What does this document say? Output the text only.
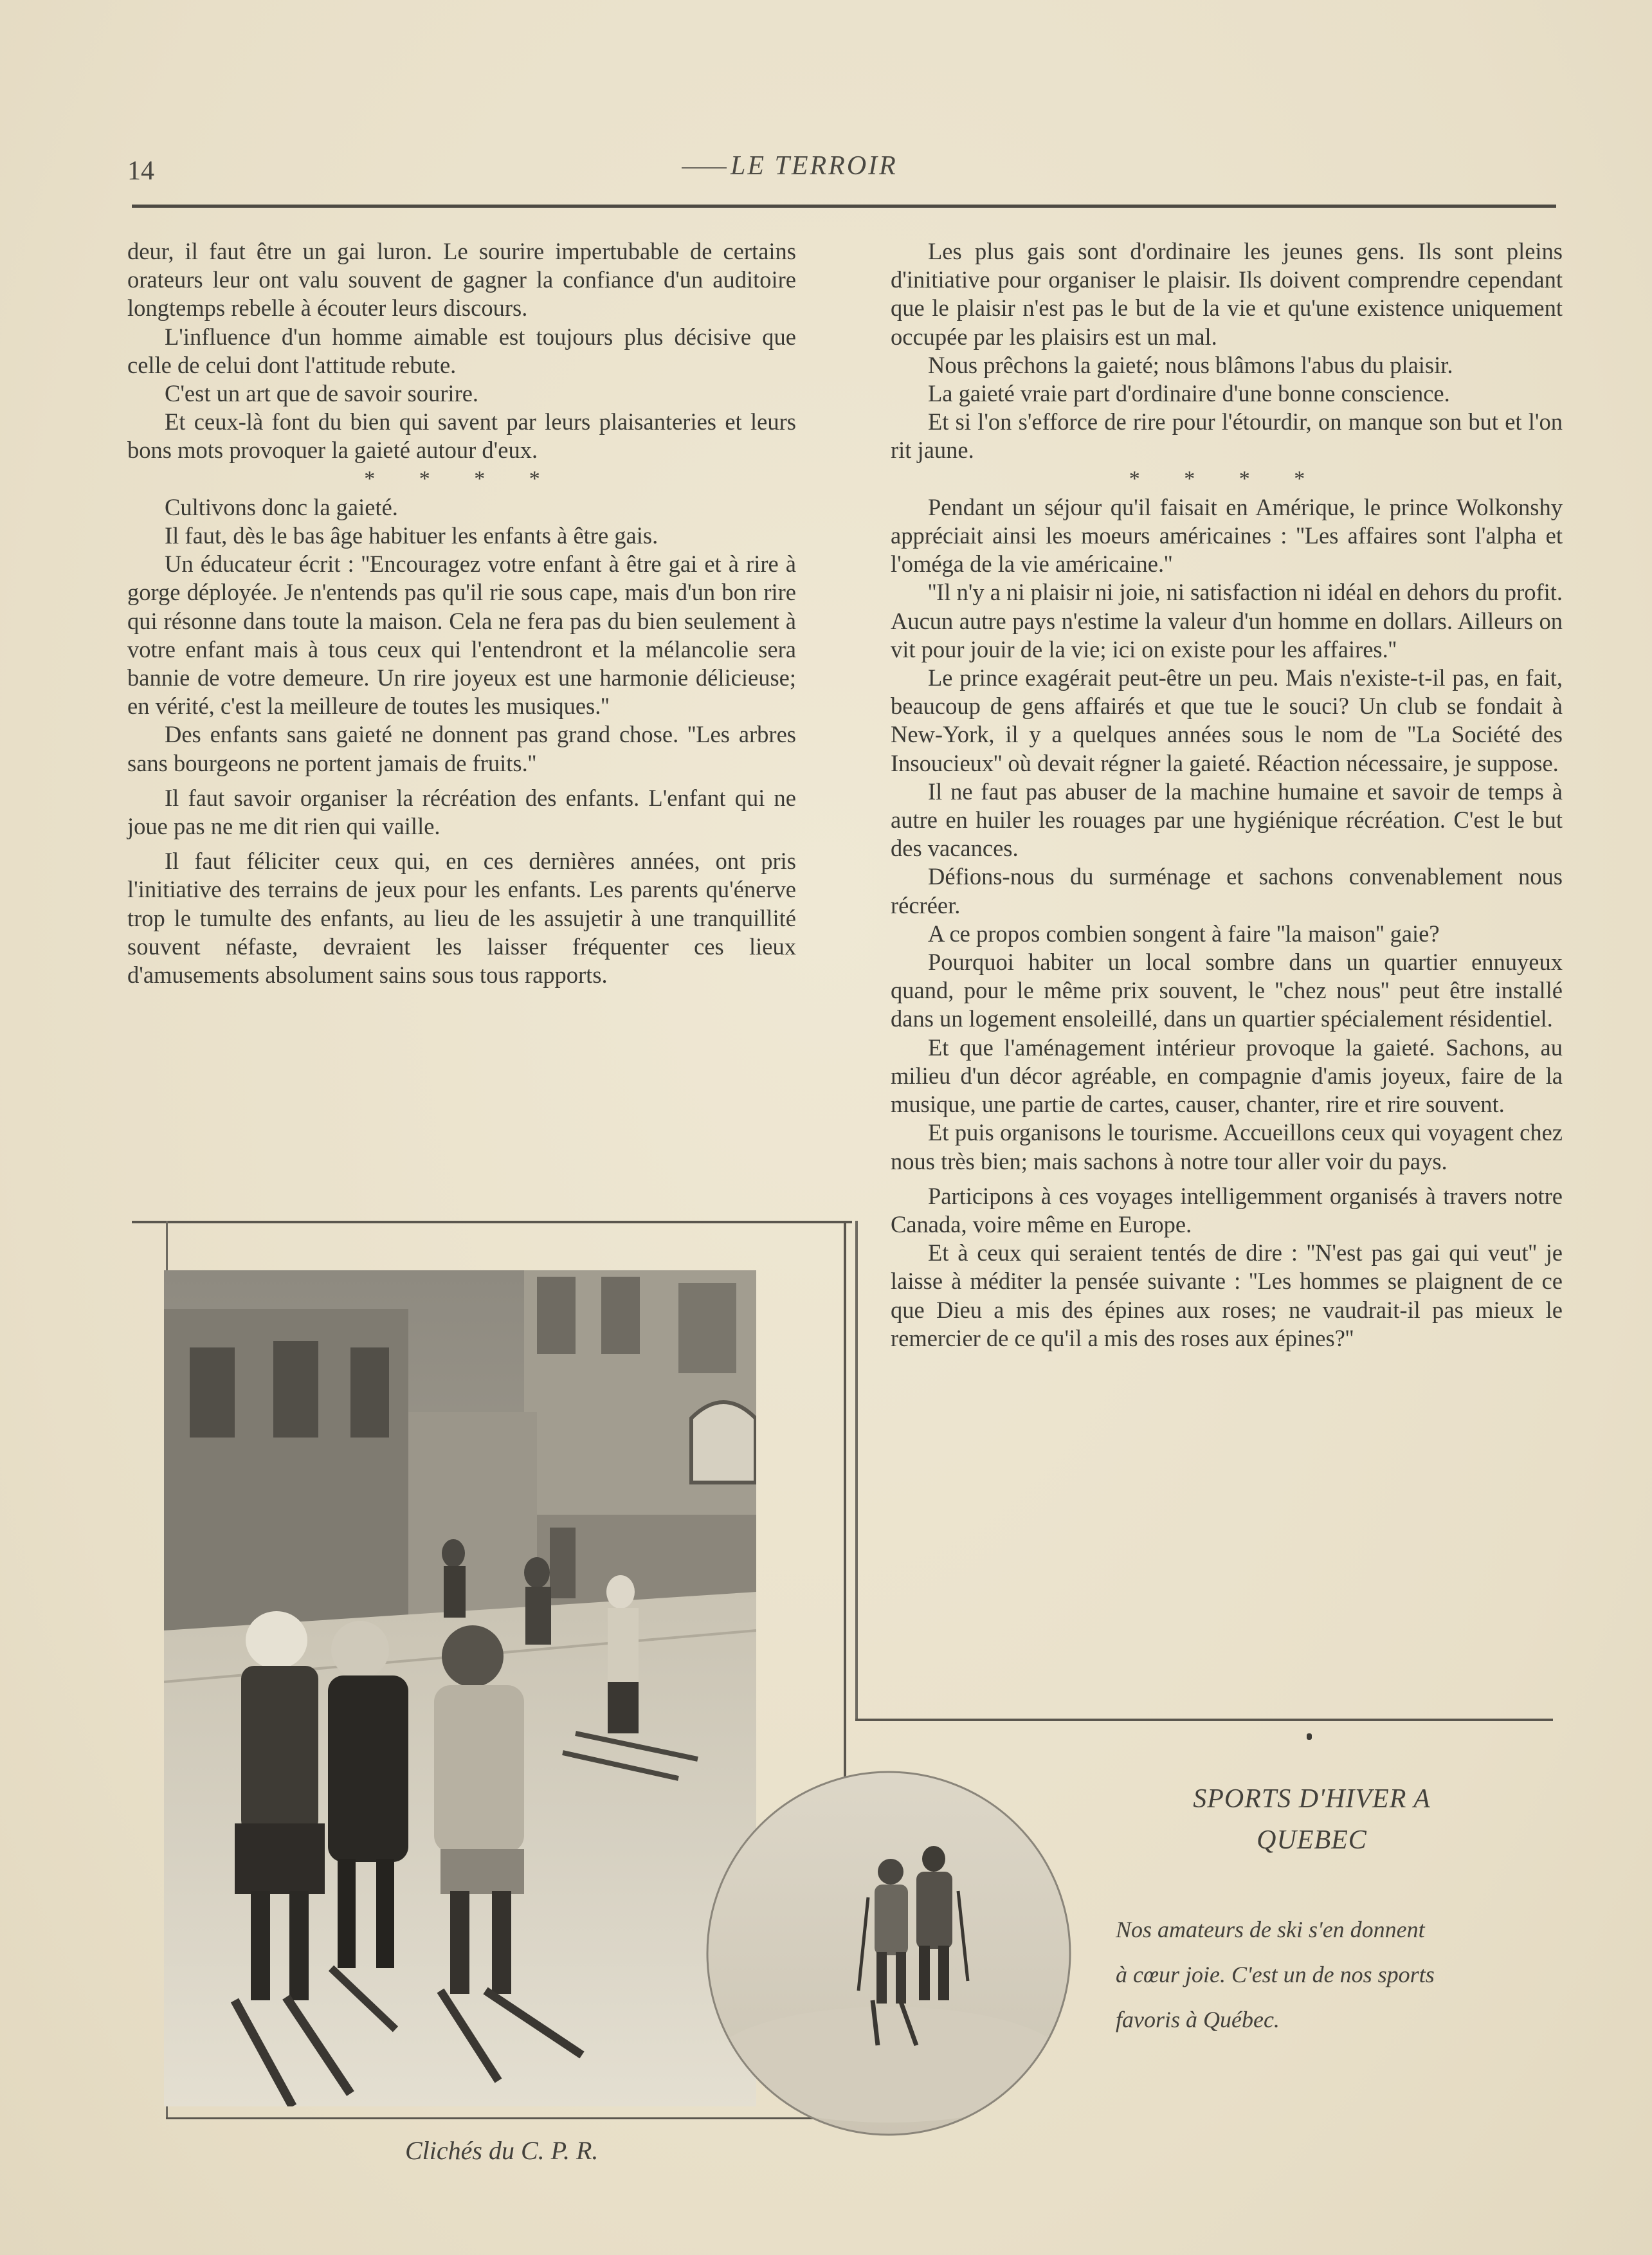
14	LE TERROIR

deur, il faut être un gai luron. Le sourire impertubable de certains orateurs leur ont valu souvent de gagner la confiance d'un auditoire longtemps rebelle à écouter leurs discours.

L'influence d'un homme aimable est toujours plus décisive que celle de celui dont l'attitude rebute.

C'est un art que de savoir sourire.

Et ceux-là font du bien qui savent par leurs plaisanteries et leurs bons mots provoquer la gaieté autour d'eux.

* * * *

Cultivons donc la gaieté.

Il faut, dès le bas âge habituer les enfants à être gais.

Un éducateur écrit : ''Encouragez votre enfant à être gai et à rire à gorge déployée. Je n'entends pas qu'il rie sous cape, mais d'un bon rire qui résonne dans toute la maison. Cela ne fera pas du bien seulement à votre enfant mais à tous ceux qui l'entendront et la mélancolie sera bannie de votre demeure. Un rire joyeux est une harmonie délicieuse; en vérité, c'est la meilleure de toutes les musiques.''

Des enfants sans gaieté ne donnent pas grand chose. ''Les arbres sans bourgeons ne portent jamais de fruits.''

Il faut savoir organiser la récréation des enfants. L'enfant qui ne joue pas ne me dit rien qui vaille.

Il faut féliciter ceux qui, en ces dernières années, ont pris l'initiative des terrains de jeux pour les enfants. Les parents qu'énerve trop le tumulte des enfants, au lieu de les assujetir à une tranquillité souvent néfaste, devraient les laisser fréquenter ces lieux d'amusements absolument sains sous tous rapports.

Les plus gais sont d'ordinaire les jeunes gens. Ils sont pleins d'initiative pour organiser le plaisir. Ils doivent comprendre cependant que le plaisir n'est pas le but de la vie et qu'une existence uniquement occupée par les plaisirs est un mal.

Nous prêchons la gaieté; nous blâmons l'abus du plaisir.

La gaieté vraie part d'ordinaire d'une bonne conscience.

Et si l'on s'efforce de rire pour l'étourdir, on manque son but et l'on rit jaune.

* * * *

Pendant un séjour qu'il faisait en Amérique, le prince Wolkonshy appréciait ainsi les moeurs américaines : ''Les affaires sont l'alpha et l'oméga de la vie américaine.''

''Il n'y a ni plaisir ni joie, ni satisfaction ni idéal en dehors du profit. Aucun autre pays n'estime la valeur d'un homme en dollars. Ailleurs on vit pour jouir de la vie; ici on existe pour les affaires.''

Le prince exagérait peut-être un peu. Mais n'existe-t-il pas, en fait, beaucoup de gens affairés et que tue le souci? Un club se fondait à New-York, il y a quelques années sous le nom de ''La Société des Insoucieux'' où devait régner la gaieté. Réaction nécessaire, je suppose.

Il ne faut pas abuser de la machine humaine et savoir de temps à autre en huiler les rouages par une hygiénique récréation. C'est le but des vacances.

Défions-nous du surménage et sachons convenablement nous récréer.

A ce propos combien songent à faire ''la maison'' gaie?

Pourquoi habiter un local sombre dans un quartier ennuyeux quand, pour le même prix souvent, le ''chez nous'' peut être installé dans un logement ensoleillé, dans un quartier spécialement résidentiel.

Et que l'aménagement intérieur provoque la gaieté. Sachons, au milieu d'un décor agréable, en compagnie d'amis joyeux, faire de la musique, une partie de cartes, causer, chanter, rire et rire souvent.

Et puis organisons le tourisme. Accueillons ceux qui voyagent chez nous très bien; mais sachons à notre tour aller voir du pays.

Participons à ces voyages intelligemment organisés à travers notre Canada, voire même en Europe.

Et à ceux qui seraient tentés de dire : ''N'est pas gai qui veut'' je laisse à méditer la pensée suivante : ''Les hommes se plaignent de ce que Dieu a mis des épines aux roses; ne vaudrait-il pas mieux le remercier de ce qu'il a mis des roses aux épines?''

SPORTS D'HIVER A
QUEBEC
Nos amateurs de ski s'en donnent
à cœur joie. C'est un de nos sports
favoris à Québec.
Clichés du C. P. R.
